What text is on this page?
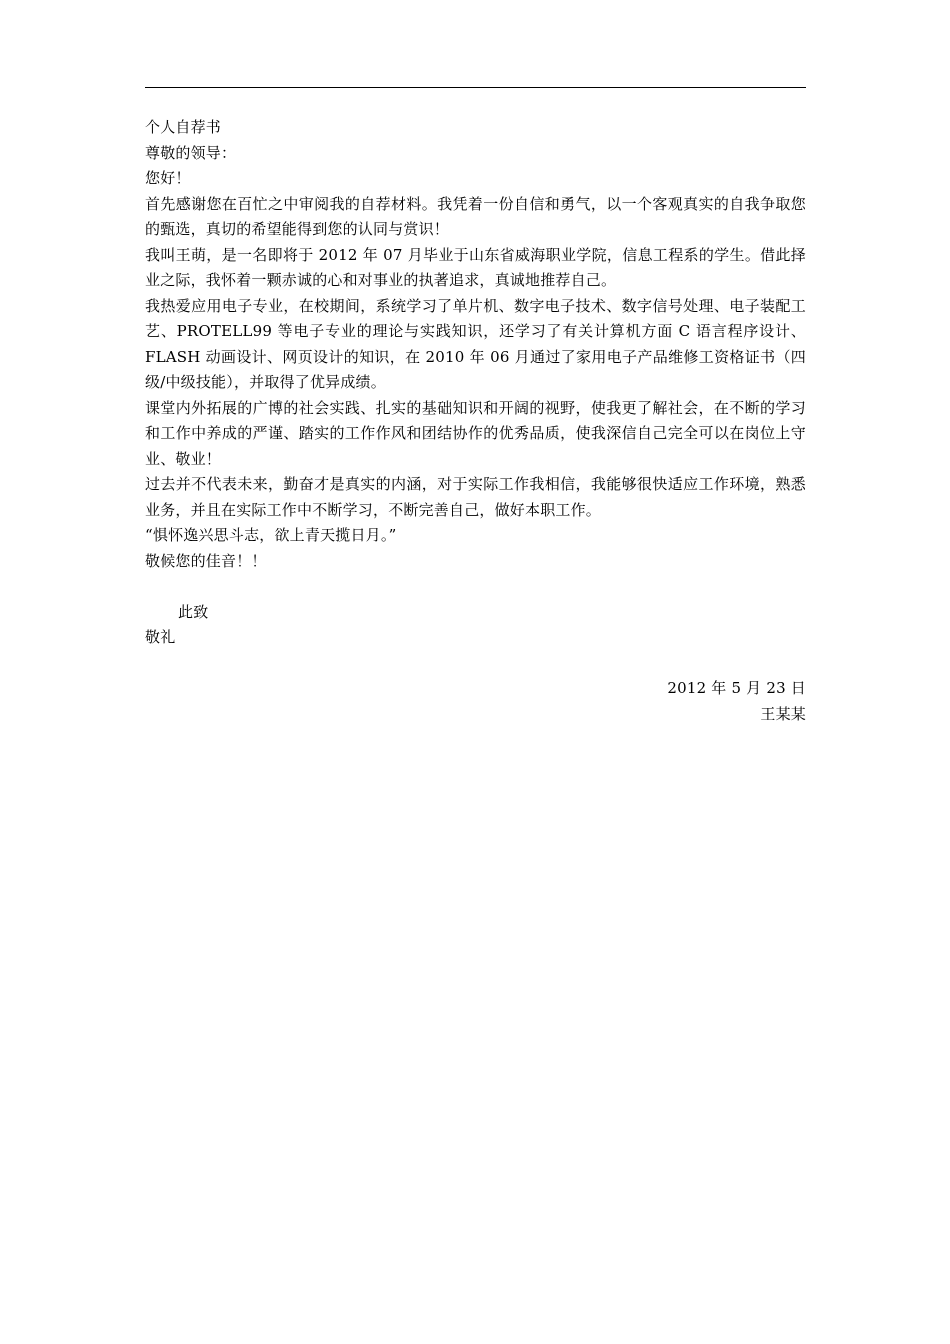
个人自荐书
尊敬的领导：
您好！
首先感谢您在百忙之中审阅我的自荐材料。我凭着一份自信和勇气，以一个客观真实的自我争取您的甄选，真切的希望能得到您的认同与赏识！
我叫王萌，是一名即将于 2012 年 07 月毕业于山东省威海职业学院，信息工程系的学生。借此择业之际，我怀着一颗赤诚的心和对事业的执著追求，真诚地推荐自己。
我热爱应用电子专业，在校期间，系统学习了单片机、数字电子技术、数字信号处理、电子装配工艺、PROTELL99 等电子专业的理论与实践知识，还学习了有关计算机方面 C 语言程序设计、FLASH 动画设计、网页设计的知识，在 2010 年 06 月通过了家用电子产品维修工资格证书（四级/中级技能），并取得了优异成绩。
课堂内外拓展的广博的社会实践、扎实的基础知识和开阔的视野，使我更了解社会，在不断的学习和工作中养成的严谨、踏实的工作作风和团结协作的优秀品质，使我深信自己完全可以在岗位上守业、敬业！
过去并不代表未来，勤奋才是真实的内涵，对于实际工作我相信，我能够很快适应工作环境，熟悉业务，并且在实际工作中不断学习，不断完善自己，做好本职工作。
“惧怀逸兴思斗志，欲上青天揽日月。”
敬候您的佳音！！
此致
敬礼
2012 年 5 月 23 日
王某某
